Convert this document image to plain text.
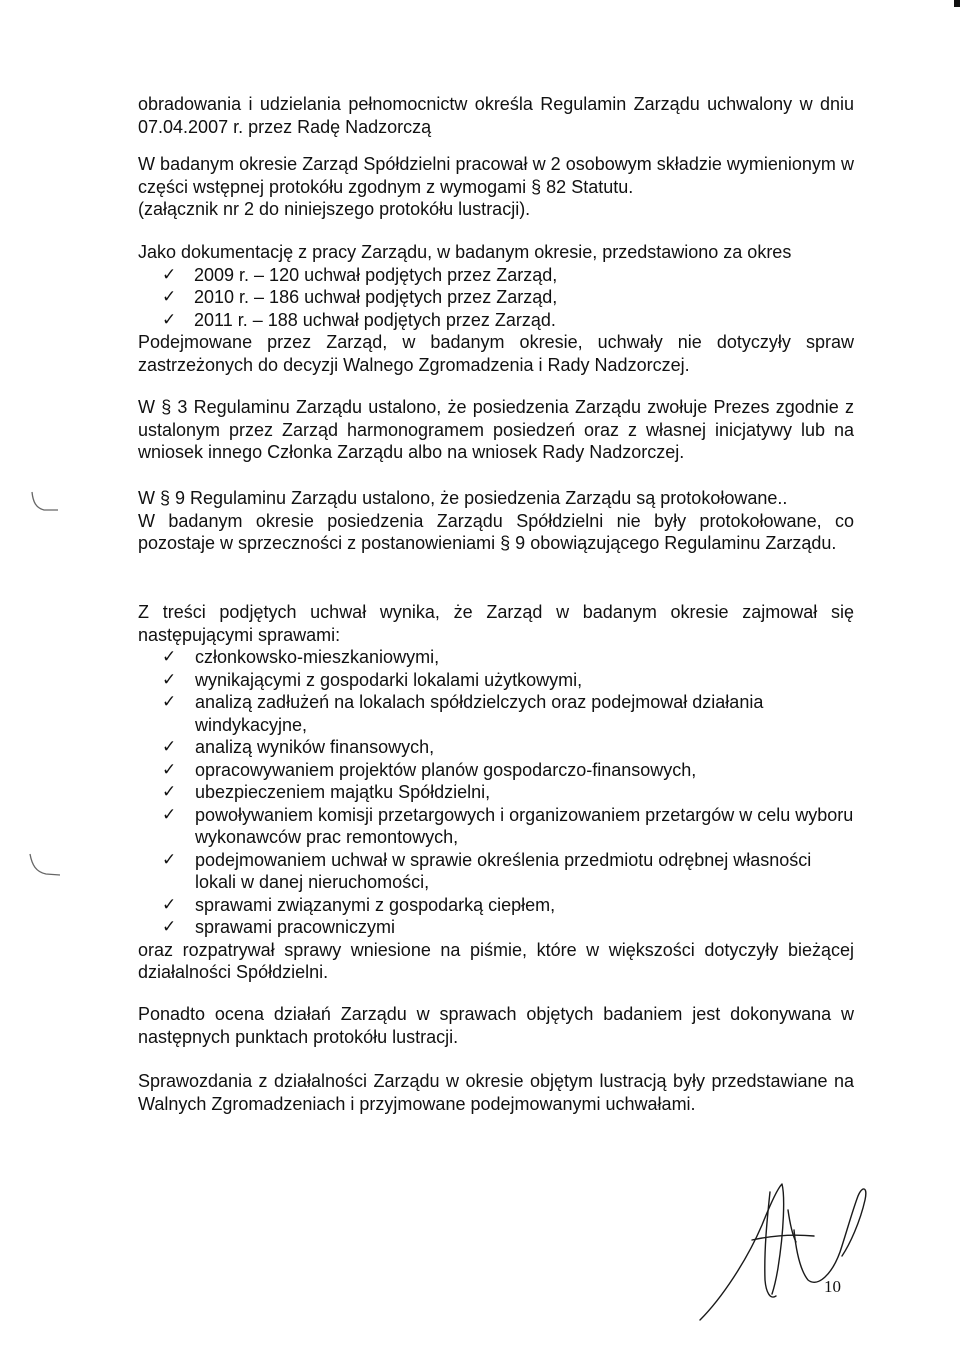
obradowania i udzielania pełnomocnictw określa Regulamin Zarządu uchwalony w dniu 07.04.2007 r. przez Radę Nadzorczą

W badanym okresie Zarząd Spółdzielni pracował w 2 osobowym składzie wymienionym w części wstępnej protokółu zgodnym z wymogami § 82 Statutu.

(załącznik nr 2 do niniejszego protokółu lustracji).

Jako dokumentację z pracy Zarządu, w badanym okresie, przedstawiono za okres

✓ 2009 r. – 120 uchwał podjętych przez Zarząd,
✓ 2010 r. – 186 uchwał podjętych przez Zarząd,
✓ 2011 r. – 188 uchwał podjętych przez Zarząd.

Podejmowane przez Zarząd, w badanym okresie, uchwały nie dotyczyły spraw zastrzeżonych do decyzji Walnego Zgromadzenia i Rady Nadzorczej.

W § 3 Regulaminu Zarządu ustalono, że posiedzenia Zarządu zwołuje Prezes zgodnie z ustalonym przez Zarząd harmonogramem posiedzeń oraz z własnej inicjatywy lub na wniosek innego Członka Zarządu albo na wniosek Rady Nadzorczej.

W § 9 Regulaminu Zarządu ustalono, że posiedzenia Zarządu są protokołowane..

W badanym okresie posiedzenia Zarządu Spółdzielni nie były protokołowane, co pozostaje w sprzeczności z postanowieniami § 9 obowiązującego Regulaminu Zarządu.

Z treści podjętych uchwał wynika, że Zarząd w badanym okresie zajmował się następującymi sprawami:

✓ członkowsko-mieszkaniowymi,
✓ wynikającymi z gospodarki lokalami użytkowymi,
✓ analizą zadłużeń na lokalach spółdzielczych oraz podejmował działania windykacyjne,
✓ analizą wyników finansowych,
✓ opracowywaniem projektów planów gospodarczo-finansowych,
✓ ubezpieczeniem majątku Spółdzielni,
✓ powoływaniem komisji przetargowych i organizowaniem przetargów w celu wyboru wykonawców prac remontowych,
✓ podejmowaniem uchwał w sprawie określenia przedmiotu odrębnej własności lokali w danej nieruchomości,
✓ sprawami związanymi z gospodarką ciepłem,
✓ sprawami pracowniczymi

oraz rozpatrywał sprawy wniesione na piśmie, które w większości dotyczyły bieżącej działalności Spółdzielni.

Ponadto ocena działań Zarządu w sprawach objętych badaniem jest dokonywana w następnych punktach protokółu lustracji.

Sprawozdania z działalności Zarządu w okresie objętym lustracją były przedstawiane na Walnych Zgromadzeniach i przyjmowane podejmowanymi uchwałami.

10
